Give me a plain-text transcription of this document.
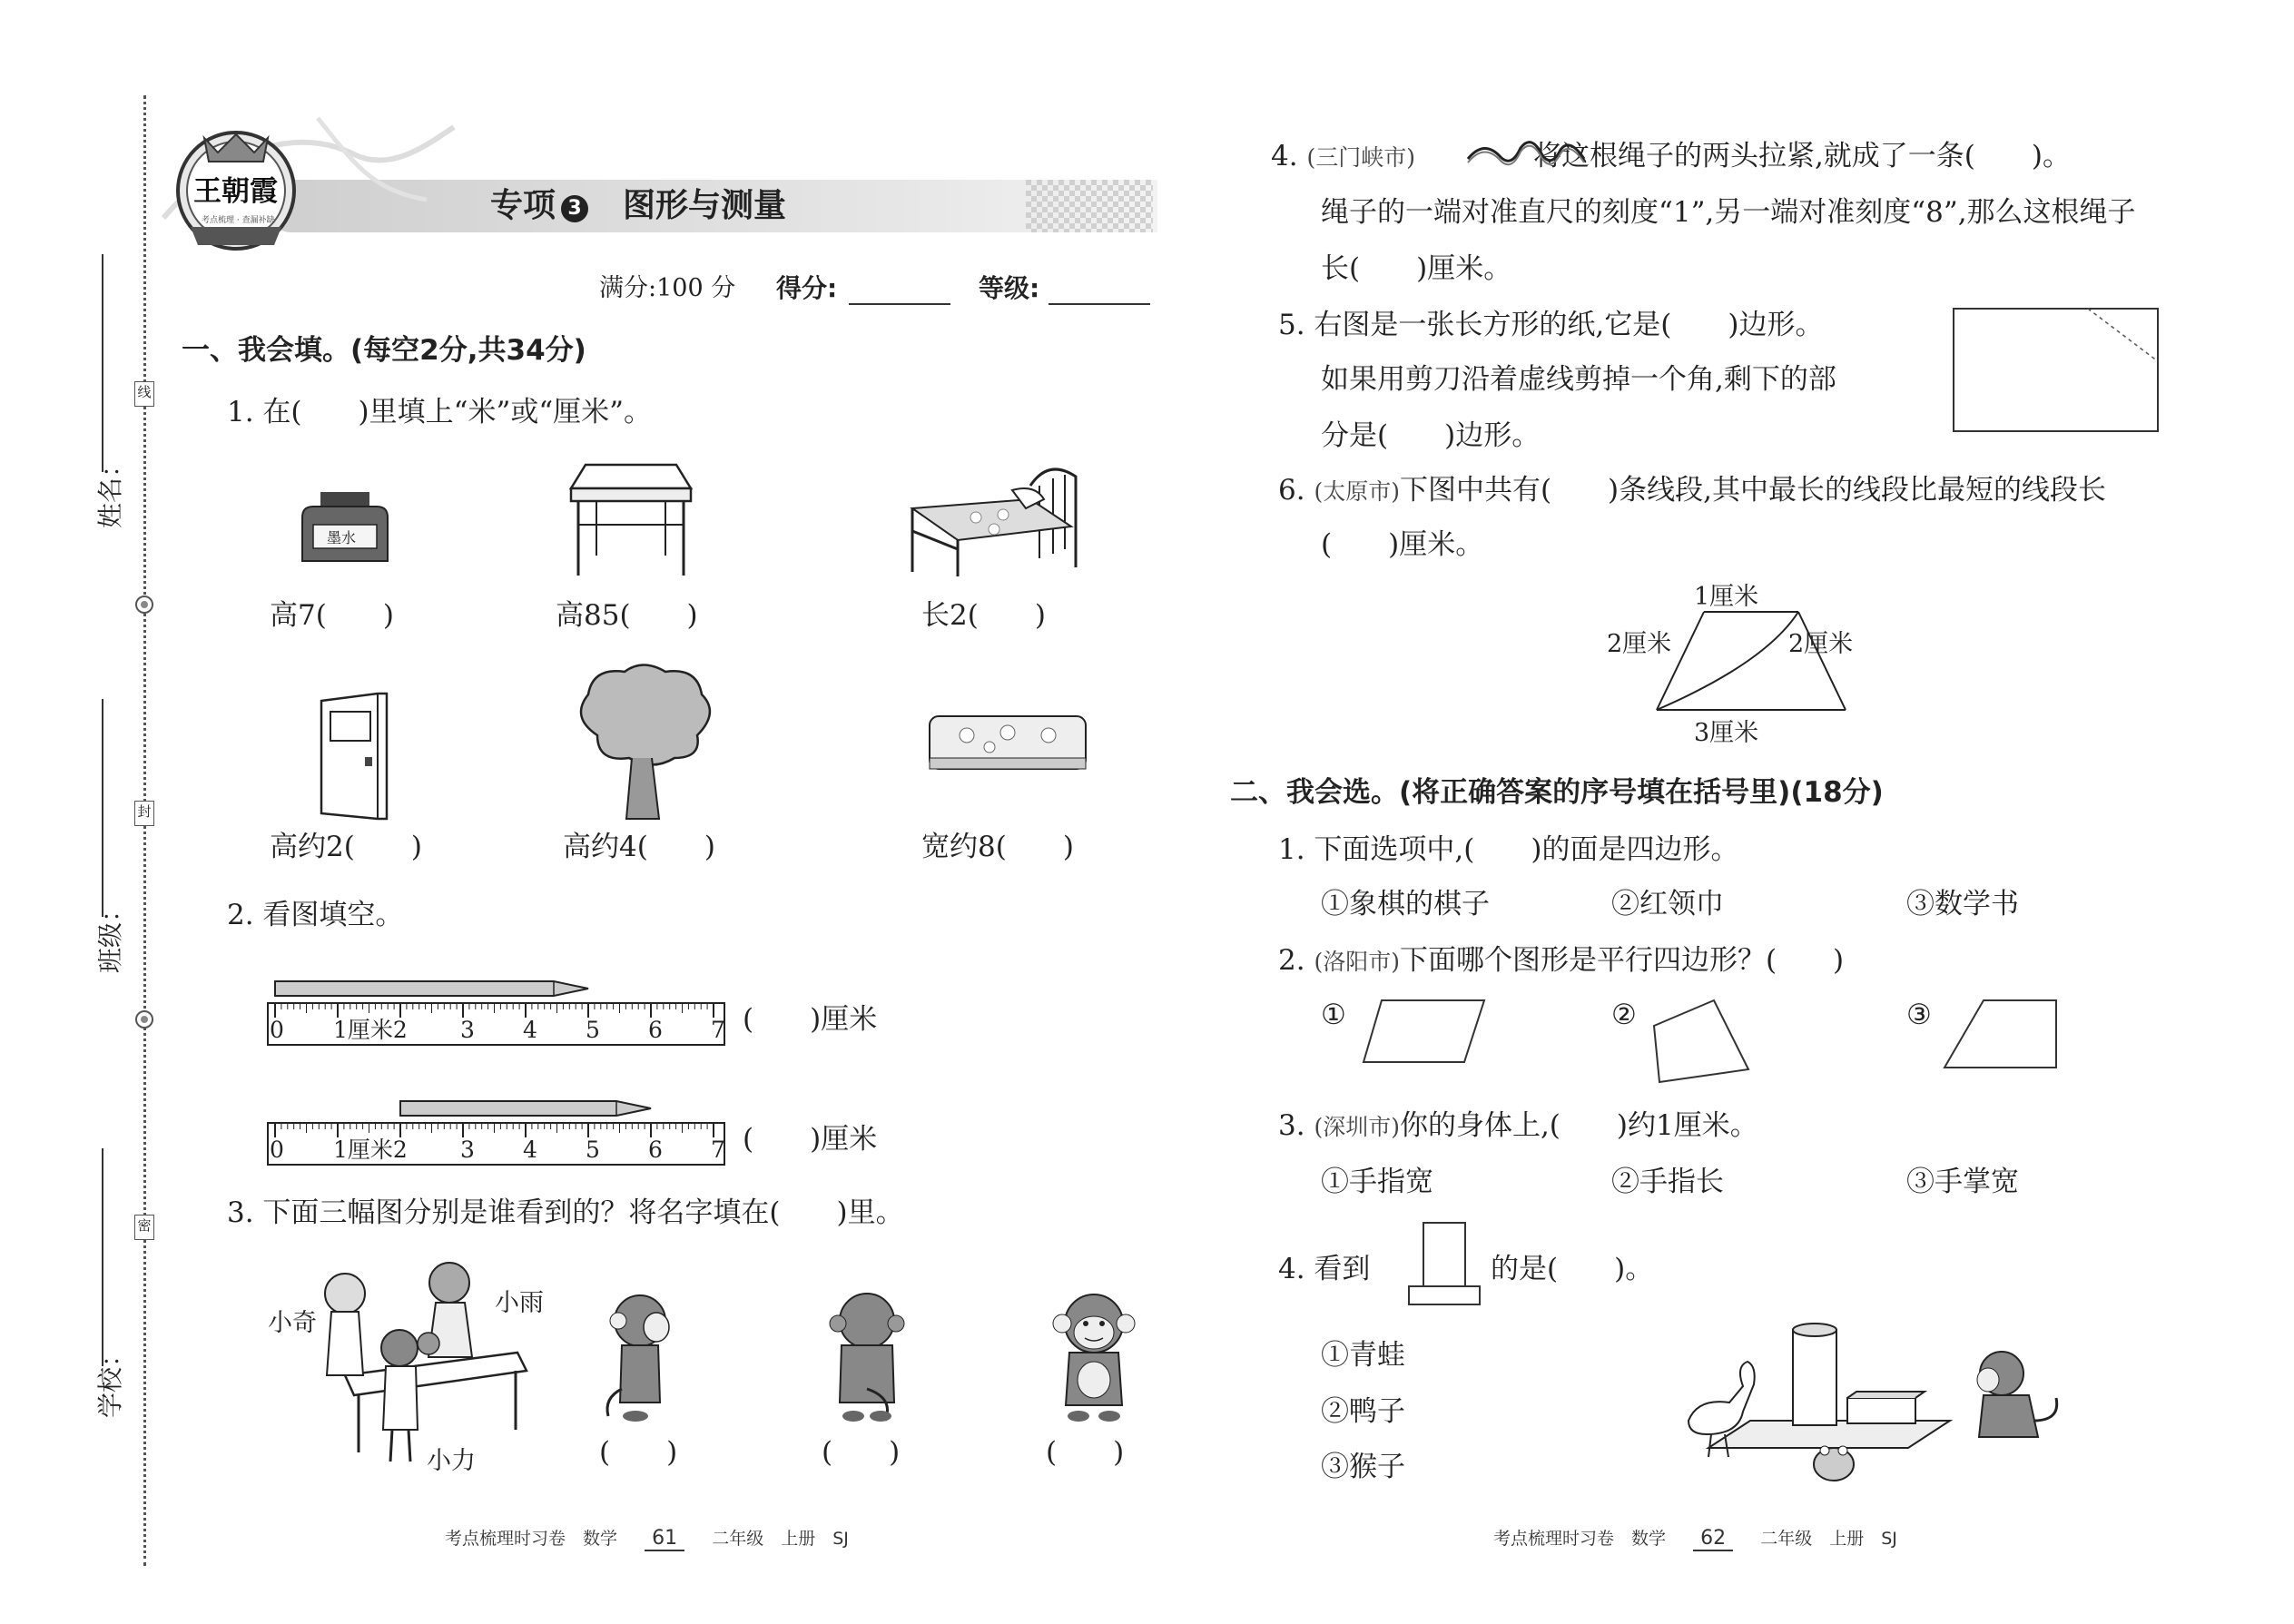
姓名：
班级：
学校：
线
封
密
王朝霞
考点梳理 · 查漏补缺	专项 3 图形与测量
满分:100 分 得分:	等级:
一、我会填。(每空2分,共34分)
1. 在(　　)里填上“米”或“厘米”。
墨水
高7(　　)	高85(　　)	长2(　　)
高约2(　　)	高约4(　　)	宽约8(　　)
2. 看图填空。
0 1厘米2 3 4 5 6 7 (　　)厘米
0 1厘米2 3 4 5 6 7 (　　)厘米
3. 下面三幅图分别是谁看到的？将名字填在(　　)里。
小奇
小雨
小力	(　　)	(　　)	(　　)
考点梳理时习卷　数学 61 二年级　上册　SJ
4. (三门峡市)	将这根绳子的两头拉紧,就成了一条(　　)。
绳子的一端对准直尺的刻度“1”,另一端对准刻度“8”,那么这根绳子
长(　　)厘米。
5. 右图是一张长方形的纸,它是(　　)边形。
如果用剪刀沿着虚线剪掉一个角,剩下的部
分是(　　)边形。
6. (太原市)下图中共有(　　)条线段,其中最长的线段比最短的线段长
(　　)厘米。
1厘米
2厘米	2厘米
3厘米
二、我会选。(将正确答案的序号填在括号里)(18分)
1. 下面选项中,(　　)的面是四边形。
①象棋的棋子	②红领巾	③数学书
2. (洛阳市)下面哪个图形是平行四边形？(　　)
①	②	③
3. (深圳市)你的身体上,(　　)约1厘米。
①手指宽	②手指长	③手掌宽
4. 看到	的是(　　)。
①青蛙
②鸭子
③猴子
考点梳理时习卷　数学 62 二年级　上册　SJ
